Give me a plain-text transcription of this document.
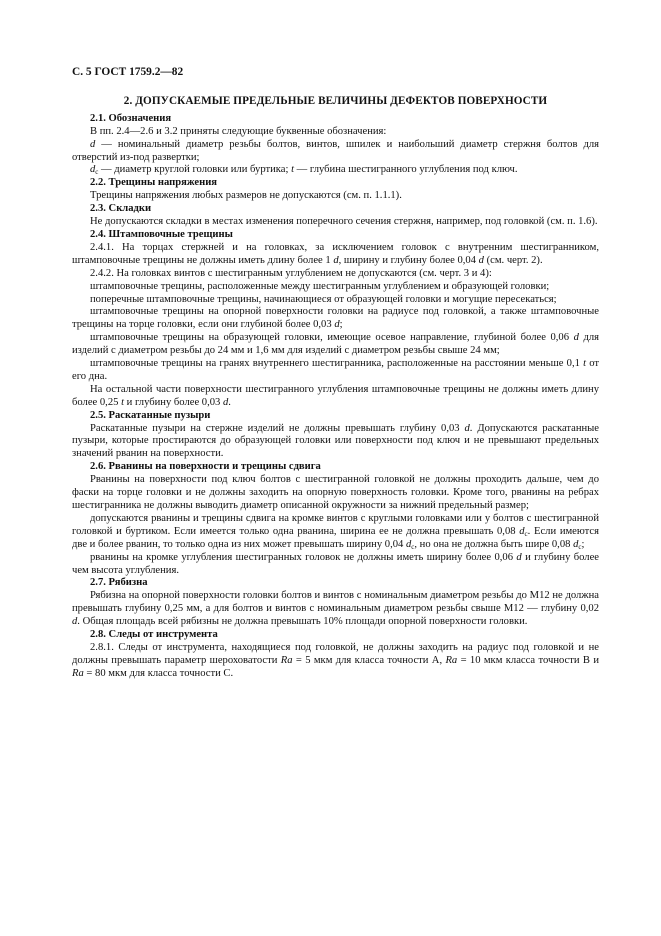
С. 5 ГОСТ 1759.2—82
2. ДОПУСКАЕМЫЕ ПРЕДЕЛЬНЫЕ ВЕЛИЧИНЫ ДЕФЕКТОВ ПОВЕРХНОСТИ
2.1. Обозначения

В пп. 2.4—2.6 и 3.2 приняты следующие буквенные обозначения:

d — номинальный диаметр резьбы болтов, винтов, шпилек и наибольший диаметр стержня болтов для отверстий из-под развертки;

$d_c$ — диаметр круглой головки или буртика; t — глубина шестигранного углубления под ключ.

2.2. Трещины напряжения

Трещины напряжения любых размеров не допускаются (см. п. 1.1.1).

2.3. Складки

Не допускаются складки в местах изменения поперечного сечения стержня, например, под головкой (см. п. 1.6).

2.4. Штамповочные трещины

2.4.1. На торцах стержней и на головках, за исключением головок с внутренним шестигранником, штамповочные трещины не должны иметь длину более 1 d, ширину и глубину более 0,04 d (см. черт. 2).

2.4.2. На головках винтов с шестигранным углублением не допускаются (см. черт. 3 и 4):

штамповочные трещины, расположенные между шестигранным углублением и образующей головки;

поперечные штамповочные трещины, начинающиеся от образующей головки и могущие пересекаться;

штамповочные трещины на опорной поверхности головки на радиусе под головкой, а также штамповочные трещины на торце головки, если они глубиной более 0,03 d;

штамповочные трещины на образующей головки, имеющие осевое направление, глубиной более 0,06 d для изделий с диаметром резьбы до 24 мм и 1,6 мм для изделий с диаметром резьбы свыше 24 мм;

штамповочные трещины на гранях внутреннего шестигранника, расположенные на расстоянии меньше 0,1 t от его дна.

На остальной части поверхности шестигранного углубления штамповочные трещины не должны иметь длину более 0,25 t и глубину более 0,03 d.

2.5. Раскатанные пузыри

Раскатанные пузыри на стержне изделий не должны превышать глубину 0,03 d. Допускаются раскатанные пузыри, которые простираются до образующей головки или поверхности под ключ и не превышают предельных значений рванин на поверхности.

2.6. Рванины на поверхности и трещины сдвига

Рванины на поверхности под ключ болтов с шестигранной головкой не должны проходить дальше, чем до фаски на торце головки и не должны заходить на опорную поверхность головки. Кроме того, рванины на ребрах шестигранника не должны выводить диаметр описанной окружности за нижний предельный размер;

допускаются рванины и трещины сдвига на кромке винтов с круглыми головками или у болтов с шестигранной головкой и буртиком. Если имеется только одна рванина, ширина ее не должна превышать 0,08 $d_c$. Если имеются две и более рванин, то только одна из них может превышать ширину 0,04 $d_c$, но она не должна быть шире 0,08 $d_c$;

рванины на кромке углубления шестигранных головок не должны иметь ширину более 0,06 d и глубину более чем высота углубления.

2.7. Рябизна

Рябизна на опорной поверхности головки болтов и винтов с номинальным диаметром резьбы до М12 не должна превышать глубину 0,25 мм, а для болтов и винтов с номинальным диаметром резьбы свыше М12 — глубину 0,02 d. Общая площадь всей рябизны не должна превышать 10% площади опорной поверхности головки.

2.8. Следы от инструмента

2.8.1. Следы от инструмента, находящиеся под головкой, не должны заходить на радиус под головкой и не должны превышать параметр шероховатости Ra = 5 мкм для класса точности А, Ra = 10 мкм класса точности В и Ra = 80 мкм для класса точности С.
